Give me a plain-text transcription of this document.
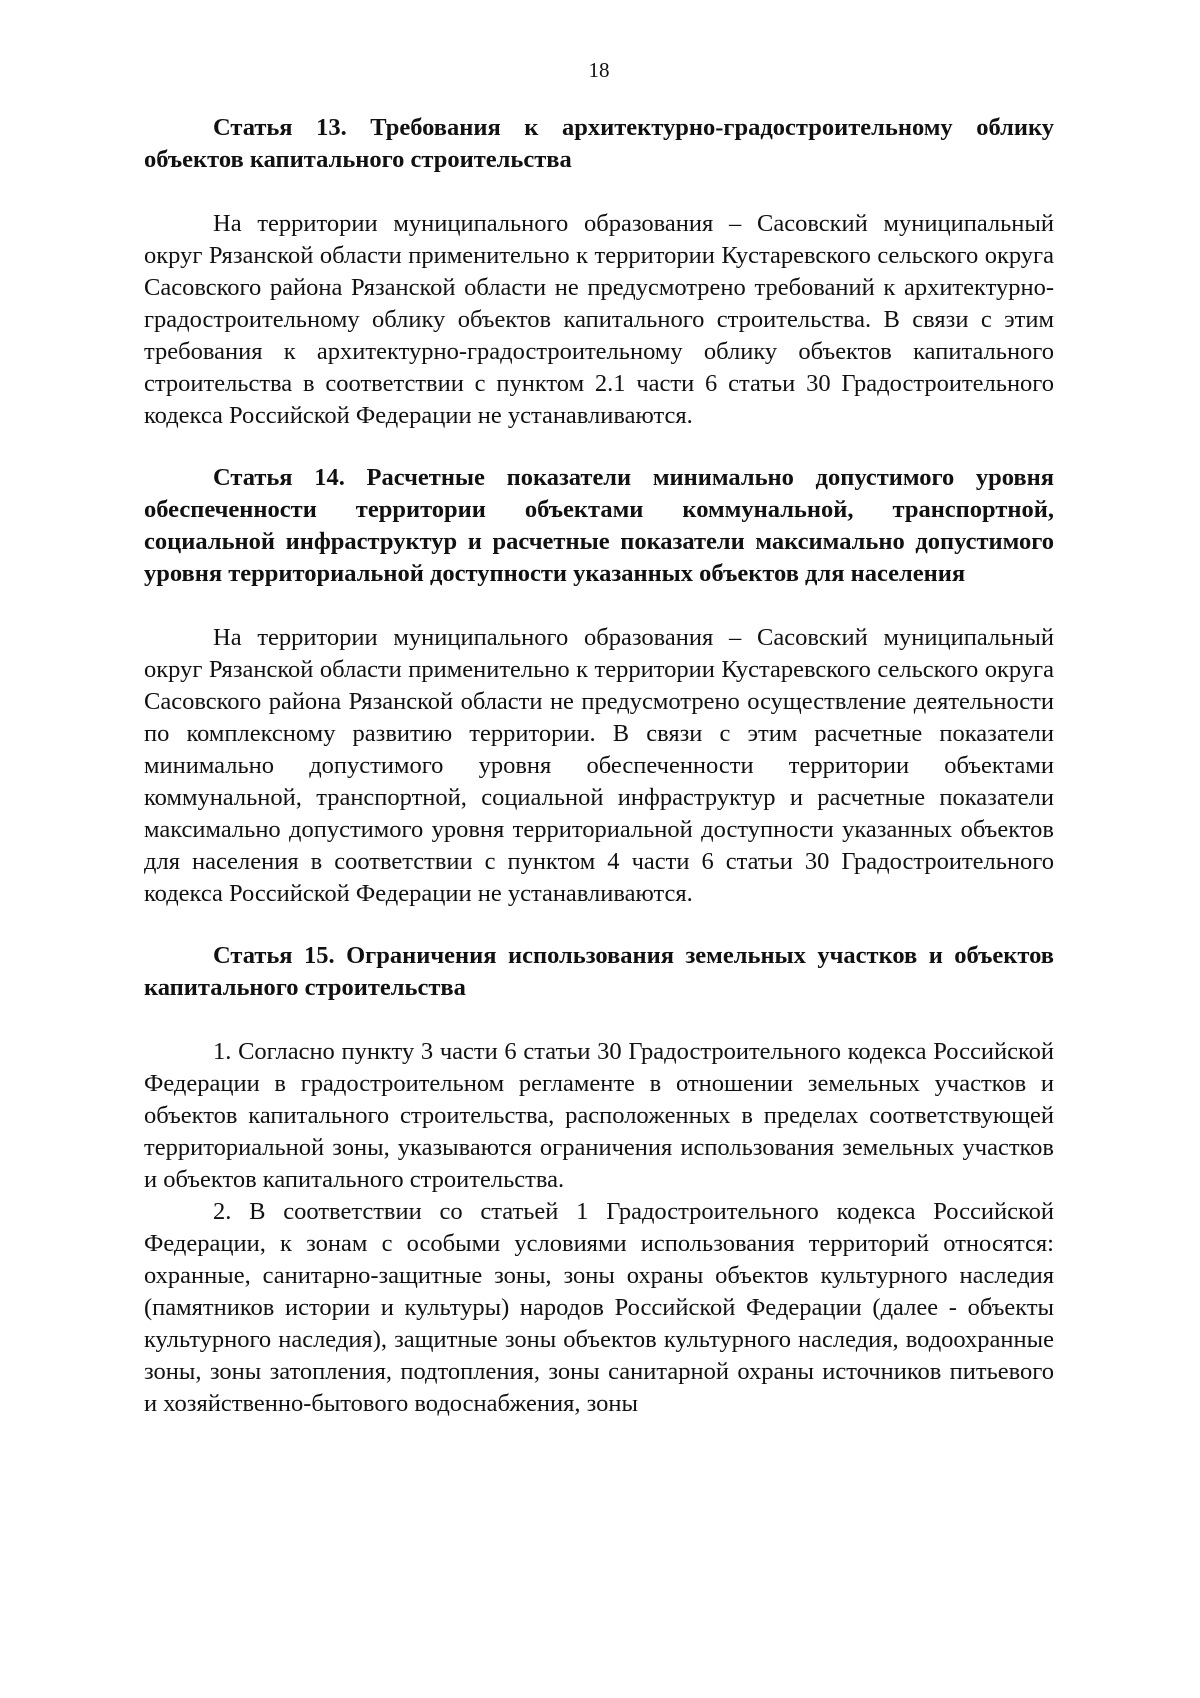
18

Статья 13. Требования к архитектурно-градостроительному облику объектов капитального строительства

На территории муниципального образования – Сасовский муниципальный округ Рязанской области применительно к территории Кустаревского сельского округа Сасовского района Рязанской области не предусмотрено требований к архитектурно-градостроительному облику объектов капитального строительства. В связи с этим требования к архитектурно-градостроительному облику объектов капитального строительства в соответствии с пунктом 2.1 части 6 статьи 30 Градостроительного кодекса Российской Федерации не устанавливаются.

Статья 14. Расчетные показатели минимально допустимого уровня обеспеченности территории объектами коммунальной, транспортной, социальной инфраструктур и расчетные показатели максимально допустимого уровня территориальной доступности указанных объектов для населения

На территории муниципального образования – Сасовский муниципальный округ Рязанской области применительно к территории Кустаревского сельского округа Сасовского района Рязанской области не предусмотрено осуществление деятельности по комплексному развитию территории. В связи с этим расчетные показатели минимально допустимого уровня обеспеченности территории объектами коммунальной, транспортной, социальной инфраструктур и расчетные показатели максимально допустимого уровня территориальной доступности указанных объектов для населения в соответствии с пунктом 4 части 6 статьи 30 Градостроительного кодекса Российской Федерации не устанавливаются.

Статья 15. Ограничения использования земельных участков и объектов капитального строительства

1. Согласно пункту 3 части 6 статьи 30 Градостроительного кодекса Российской Федерации в градостроительном регламенте в отношении земельных участков и объектов капитального строительства, расположенных в пределах соответствующей территориальной зоны, указываются ограничения использования земельных участков и объектов капитального строительства.

2. В соответствии со статьей 1 Градостроительного кодекса Российской Федерации, к зонам с особыми условиями использования территорий относятся: охранные, санитарно-защитные зоны, зоны охраны объектов культурного наследия (памятников истории и культуры) народов Российской Федерации (далее - объекты культурного наследия), защитные зоны объектов культурного наследия, водоохранные зоны, зоны затопления, подтопления, зоны санитарной охраны источников питьевого и хозяйственно-бытового водоснабжения, зоны
